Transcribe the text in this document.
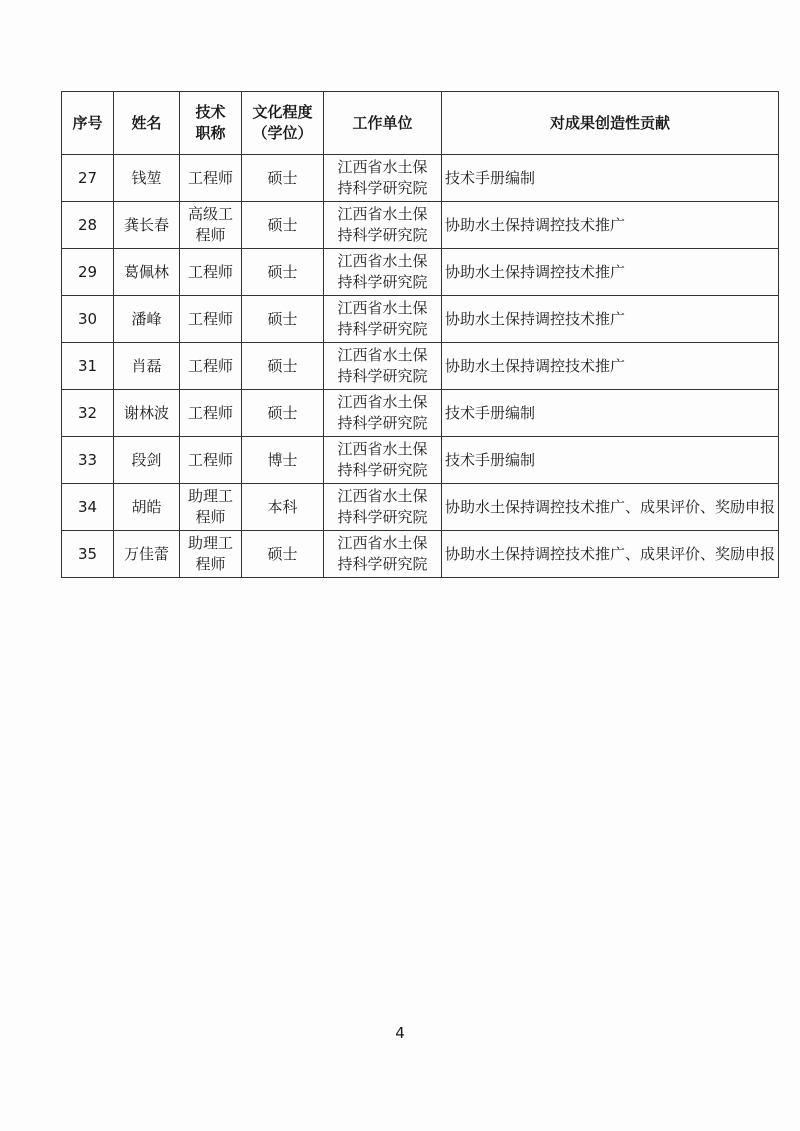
序号	姓名	技术职称	文化程度（学位）	工作单位	对成果创造性贡献
27	钱堃	工程师	硕士	江西省水土保持科学研究院	技术手册编制
28	龚长春	高级工程师	硕士	江西省水土保持科学研究院	协助水土保持调控技术推广
29	葛佩林	工程师	硕士	江西省水土保持科学研究院	协助水土保持调控技术推广
30	潘峰	工程师	硕士	江西省水土保持科学研究院	协助水土保持调控技术推广
31	肖磊	工程师	硕士	江西省水土保持科学研究院	协助水土保持调控技术推广
32	谢林波	工程师	硕士	江西省水土保持科学研究院	技术手册编制
33	段剑	工程师	博士	江西省水土保持科学研究院	技术手册编制
34	胡皓	助理工程师	本科	江西省水土保持科学研究院	协助水土保持调控技术推广、成果评价、奖励申报
35	万佳蕾	助理工程师	硕士	江西省水土保持科学研究院	协助水土保持调控技术推广、成果评价、奖励申报
4
